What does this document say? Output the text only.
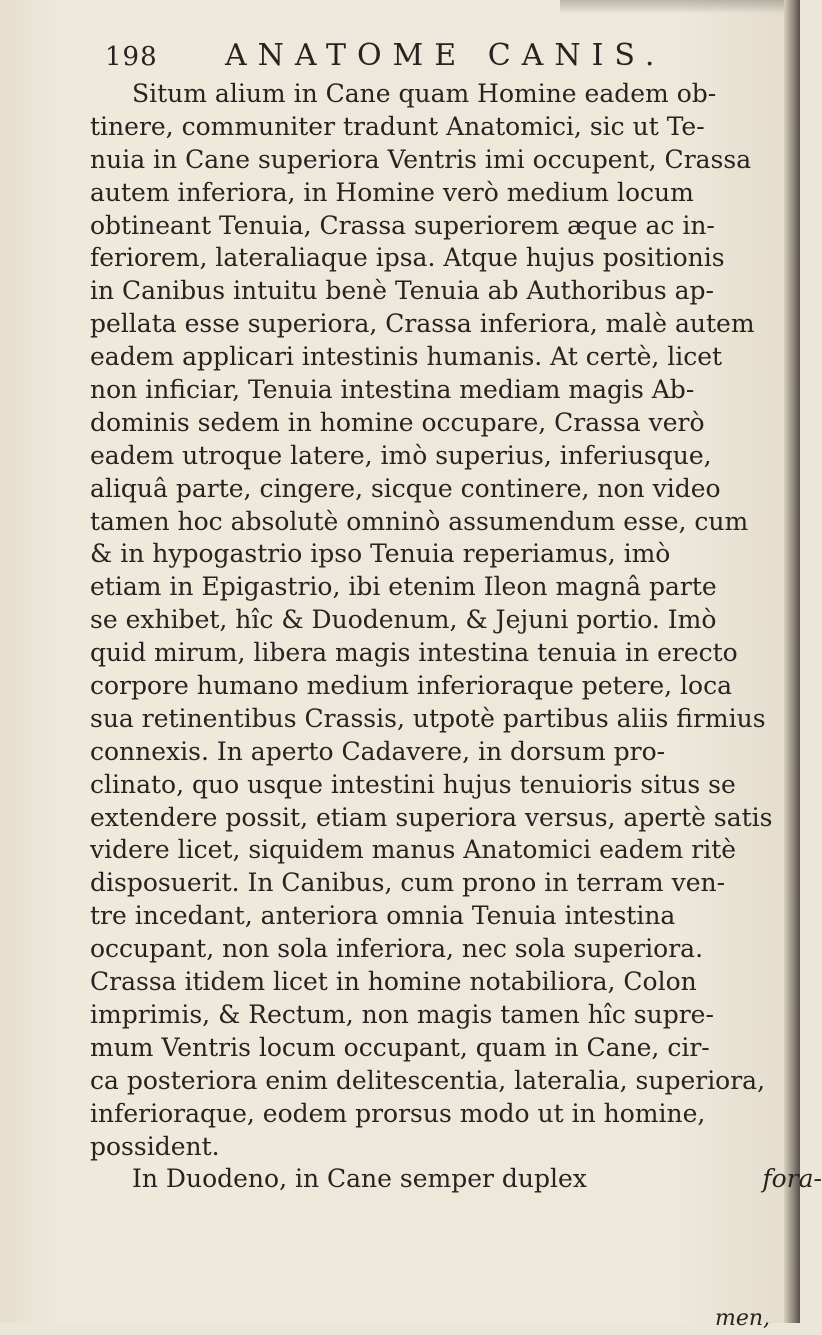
198 ANATOME CANIS.
Situm alium in Cane quam Homine eadem ob-
tinere, communiter tradunt Anatomici, sic ut Te-
nuia in Cane superiora Ventris imi occupent, Crassa
autem inferiora, in Homine verò medium locum
obtineant Tenuia, Crassa superiorem æque ac in-
feriorem, lateraliaque ipsa. Atque hujus positionis
in Canibus intuitu benè Tenuia ab Authoribus ap-
pellata esse superiora, Crassa inferiora, malè autem
eadem applicari intestinis humanis. At certè, licet
non inficiar, Tenuia intestina mediam magis Ab-
dominis sedem in homine occupare, Crassa verò
eadem utroque latere, imò superius, inferiusque,
aliquâ parte, cingere, sicque continere, non video
tamen hoc absolutè omninò assumendum esse, cum
& in hypogastrio ipso Tenuia reperiamus, imò
etiam in Epigastrio, ibi etenim Ileon magnâ parte
se exhibet, hîc & Duodenum, & Jejuni portio. Imò
quid mirum, libera magis intestina tenuia in erecto
corpore humano medium inferioraque petere, loca
sua retinentibus Crassis, utpotè partibus aliis firmius
connexis. In aperto Cadavere, in dorsum pro-
clinato, quo usque intestini hujus tenuioris situs se
extendere possit, etiam superiora versus, apertè satis
videre licet, siquidem manus Anatomici eadem ritè
disposuerit. In Canibus, cum prono in terram ven-
tre incedant, anteriora omnia Tenuia intestina
occupant, non sola inferiora, nec sola superiora.
Crassa itidem licet in homine notabiliora, Colon
imprimis, & Rectum, non magis tamen hîc supre-
mum Ventris locum occupant, quam in Cane, cir-
ca posteriora enim delitescentia, lateralia, superiora,
inferioraque, eodem prorsus modo ut in homine,
possident.
In Duodeno, in Cane semper duplex	fora-
men,
